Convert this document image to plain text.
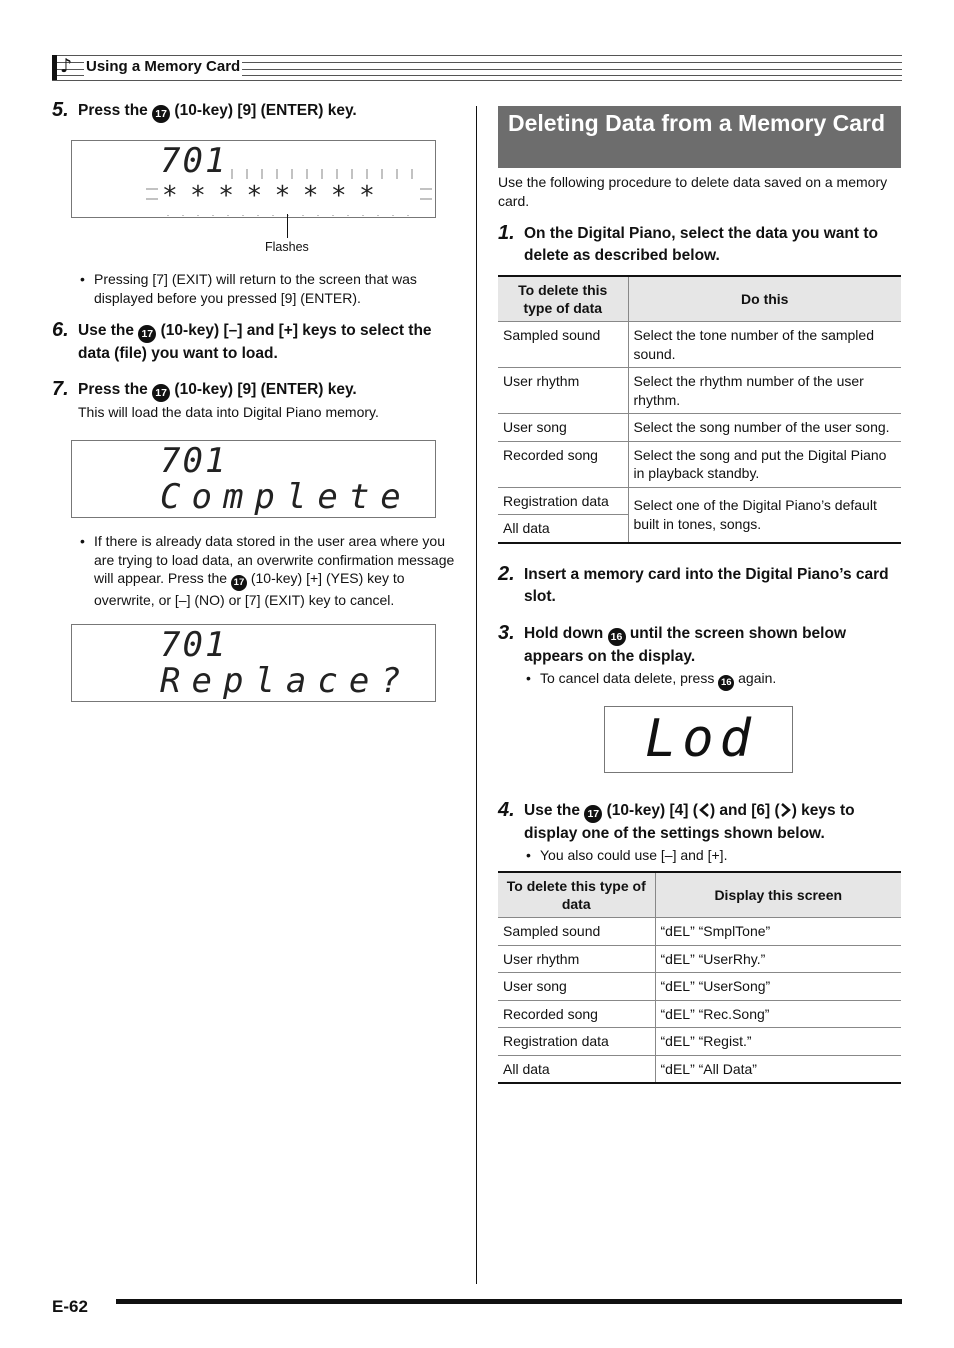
♪ Using a Memory Card
5. Press the 17 (10-key) [9] (ENTER) key.
701
********
Flashes
• Pressing [7] (EXIT) will return to the screen that was displayed before you pressed [9] (ENTER).
6. Use the 17 (10-key) [–] and [+] keys to select the data (file) you want to load.
7. Press the 17 (10-key) [9] (ENTER) key.
This will load the data into Digital Piano memory.
701
Complete
• If there is already data stored in the user area where you are trying to load data, an overwrite confirmation message will appear. Press the 17 (10-key) [+] (YES) key to overwrite, or [–] (NO) or [7] (EXIT) key to cancel.
701
Replace?
Deleting Data from a Memory Card
Use the following procedure to delete data saved on a memory card.
1. On the Digital Piano, select the data you want to delete as described below.
To delete this type of data	Do this
Sampled sound	Select the tone number of the sampled sound.
User rhythm	Select the rhythm number of the user rhythm.
User song	Select the song number of the user song.
Recorded song	Select the song and put the Digital Piano in playback standby.
Registration data	Select one of the Digital Piano’s default built in tones, songs.
All data	
2. Insert a memory card into the Digital Piano’s card slot.
3. Hold down 16 until the screen shown below appears on the display.
• To cancel data delete, press 16 again.
Lod
4. Use the 17 (10-key) [4] ( ) and [6] ( ) keys to display one of the settings shown below.
• You also could use [–] and [+].
To delete this type of data	Display this screen
Sampled sound	“dEL” “SmplTone”
User rhythm	“dEL” “UserRhy.”
User song	“dEL” “UserSong”
Recorded song	“dEL” “Rec.Song”
Registration data	“dEL” “Regist.”
All data	“dEL” “All Data”
E-62
